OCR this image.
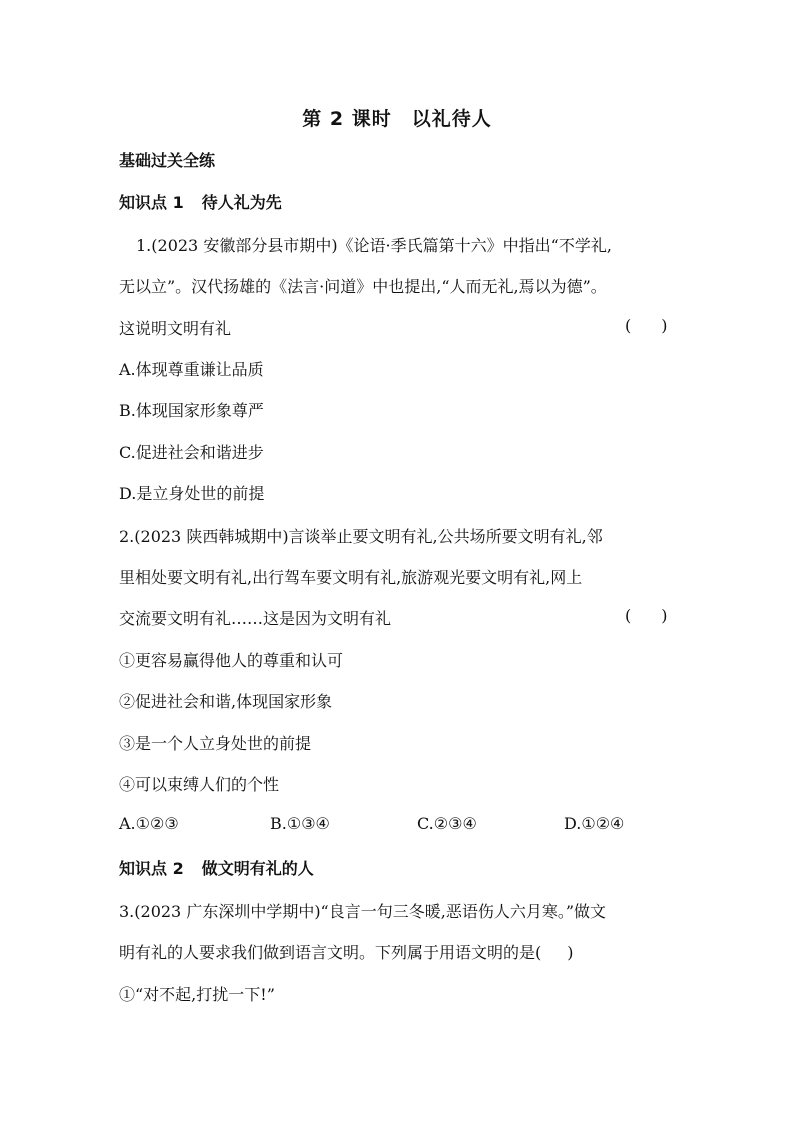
第 2 课时 以礼待人
基础过关全练
知识点 1 待人礼为先
1.(2023 安徽部分县市期中)《论语·季氏篇第十六》中指出“不学礼,
无以立”。汉代扬雄的《法言·问道》中也提出,“人而无礼,焉以为德”。
这说明文明有礼	( )
A.体现尊重谦让品质
B.体现国家形象尊严
C.促进社会和谐进步
D.是立身处世的前提
2.(2023 陕西韩城期中)言谈举止要文明有礼,公共场所要文明有礼,邻
里相处要文明有礼,出行驾车要文明有礼,旅游观光要文明有礼,网上
交流要文明有礼……这是因为文明有礼	( )
①更容易赢得他人的尊重和认可
②促进社会和谐,体现国家形象
③是一个人立身处世的前提
④可以束缚人们的个性
A.①②③	B.①③④	C.②③④	D.①②④
知识点 2 做文明有礼的人
3.(2023 广东深圳中学期中)“良言一句三冬暖,恶语伤人六月寒。”做文
明有礼的人要求我们做到语言文明。下列属于用语文明的是( )
①“对不起,打扰一下!”
